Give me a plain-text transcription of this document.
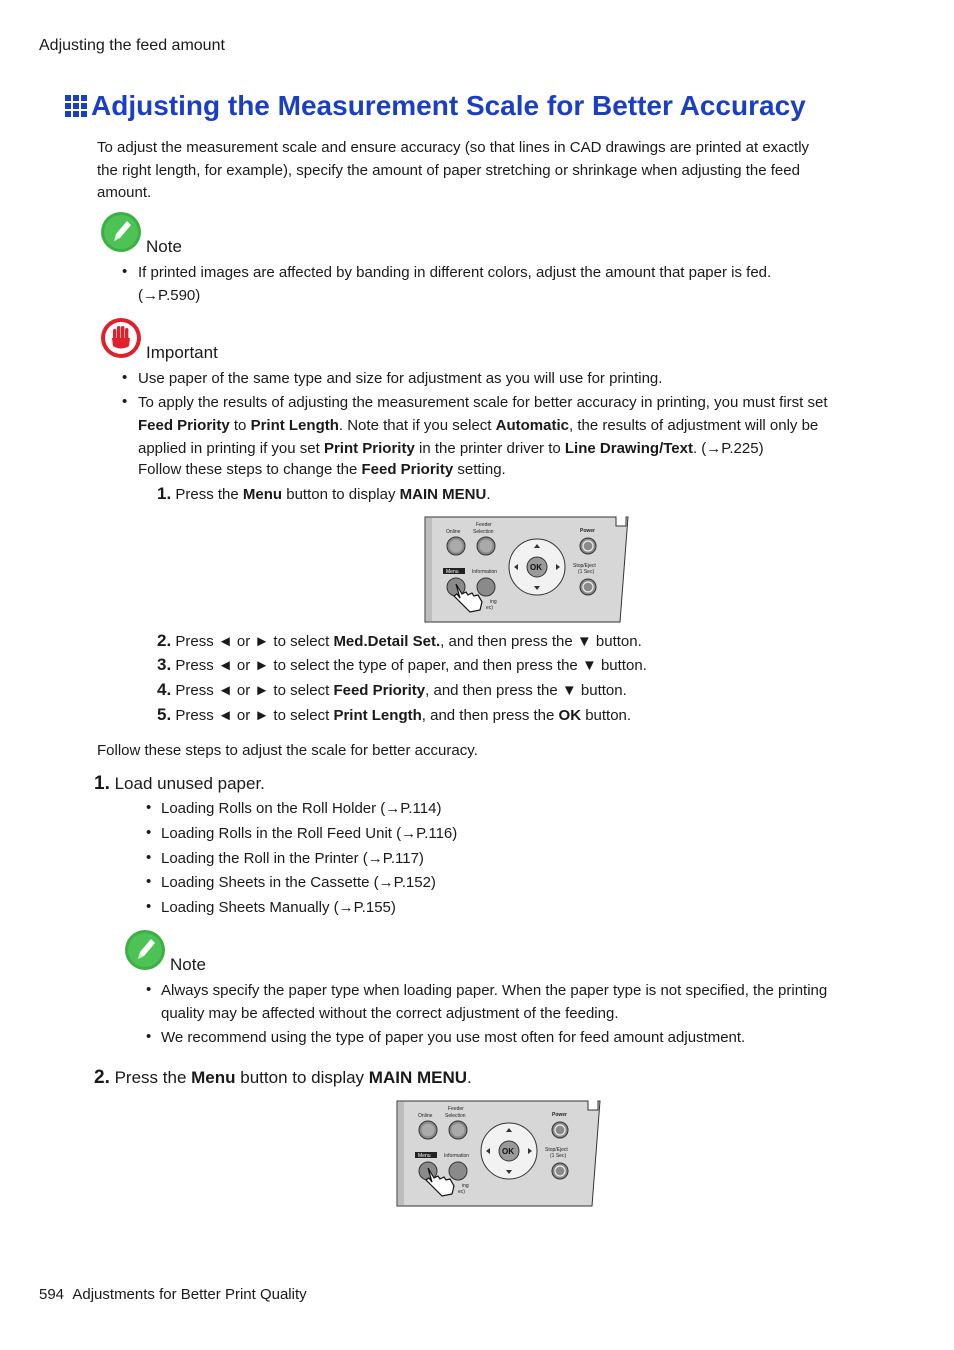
Adjusting the feed amount
Adjusting the Measurement Scale for Better Accuracy
To adjust the measurement scale and ensure accuracy (so that lines in CAD drawings are printed at exactly
the right length, for example), specify the amount of paper stretching or shrinkage when adjusting the feed
amount.
Note
• If printed images are affected by banding in different colors, adjust the amount that paper is fed.
(→P.590)
Important
• Use paper of the same type and size for adjustment as you will use for printing.
• To apply the results of adjusting the measurement scale for better accuracy in printing, you must first set
Feed Priority to Print Length. Note that if you select Automatic, the results of adjustment will only be
applied in printing if you set Print Priority in the printer driver to Line Drawing/Text. (→P.225)
Follow these steps to change the Feed Priority setting.
1. Press the Menu button to display MAIN MENU.
Online
Feeder
Selection	Power
Menu	Information	OK	Stop/Eject
(1 Sec)
ing
ec)
2. Press ◄ or ► to select Med.Detail Set., and then press the ▼ button.
3. Press ◄ or ► to select the type of paper, and then press the ▼ button.
4. Press ◄ or ► to select Feed Priority, and then press the ▼ button.
5. Press ◄ or ► to select Print Length, and then press the OK button.
Follow these steps to adjust the scale for better accuracy.
1. Load unused paper.
• Loading Rolls on the Roll Holder (→P.114)
• Loading Rolls in the Roll Feed Unit (→P.116)
• Loading the Roll in the Printer (→P.117)
• Loading Sheets in the Cassette (→P.152)
• Loading Sheets Manually (→P.155)
Note
• Always specify the paper type when loading paper. When the paper type is not specified, the printing
quality may be affected without the correct adjustment of the feeding.
• We recommend using the type of paper you use most often for feed amount adjustment.
2. Press the Menu button to display MAIN MENU.
Online
Feeder
Selection	Power
Menu	Information	OK	Stop/Eject
(1 Sec)
ing
ec)
594 Adjustments for Better Print Quality
